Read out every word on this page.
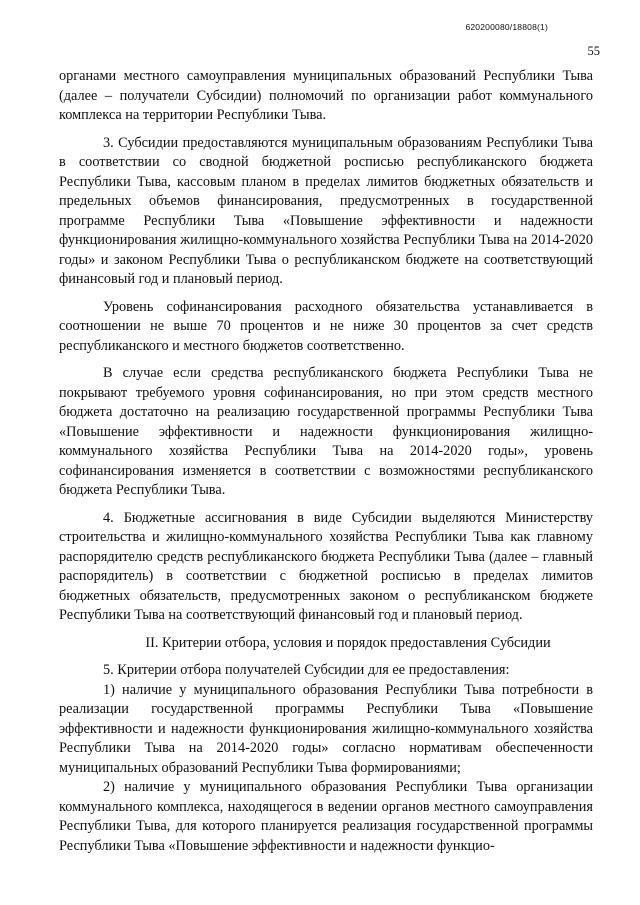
620200080/18808(1)
55

органами местного самоуправления муниципальных образований Республики Тыва (далее – получатели Субсидии) полномочий по организации работ коммунального комплекса на территории Республики Тыва.

3. Субсидии предоставляются муниципальным образованиям Республики Тыва в соответствии со сводной бюджетной росписью республиканского бюджета Республики Тыва, кассовым планом в пределах лимитов бюджетных обязательств и предельных объемов финансирования, предусмотренных в государственной программе Республики Тыва «Повышение эффективности и надежности функционирования жилищно-коммунального хозяйства Республики Тыва на 2014-2020 годы» и законом Республики Тыва о республиканском бюджете на соответствующий финансовый год и плановый период.

Уровень софинансирования расходного обязательства устанавливается в соотношении не выше 70 процентов и не ниже 30 процентов за счет средств республиканского и местного бюджетов соответственно.

В случае если средства республиканского бюджета Республики Тыва не покрывают требуемого уровня софинансирования, но при этом средств местного бюджета достаточно на реализацию государственной программы Республики Тыва «Повышение эффективности и надежности функционирования жилищно-коммунального хозяйства Республики Тыва на 2014-2020 годы», уровень софинансирования изменяется в соответствии с возможностями республиканского бюджета Республики Тыва.

4. Бюджетные ассигнования в виде Субсидии выделяются Министерству строительства и жилищно-коммунального хозяйства Республики Тыва как главному распорядителю средств республиканского бюджета Республики Тыва (далее – главный распорядитель) в соответствии с бюджетной росписью в пределах лимитов бюджетных обязательств, предусмотренных законом о республиканском бюджете Республики Тыва на соответствующий финансовый год и плановый период.

II. Критерии отбора, условия и порядок предоставления Субсидии

5. Критерии отбора получателей Субсидии для ее предоставления:

1) наличие у муниципального образования Республики Тыва потребности в реализации государственной программы Республики Тыва «Повышение эффективности и надежности функционирования жилищно-коммунального хозяйства Республики Тыва на 2014-2020 годы» согласно нормативам обеспеченности муниципальных образований Республики Тыва формированиями;

2) наличие у муниципального образования Республики Тыва организации коммунального комплекса, находящегося в ведении органов местного самоуправления Республики Тыва, для которого планируется реализация государственной программы Республики Тыва «Повышение эффективности и надежности функцио-
